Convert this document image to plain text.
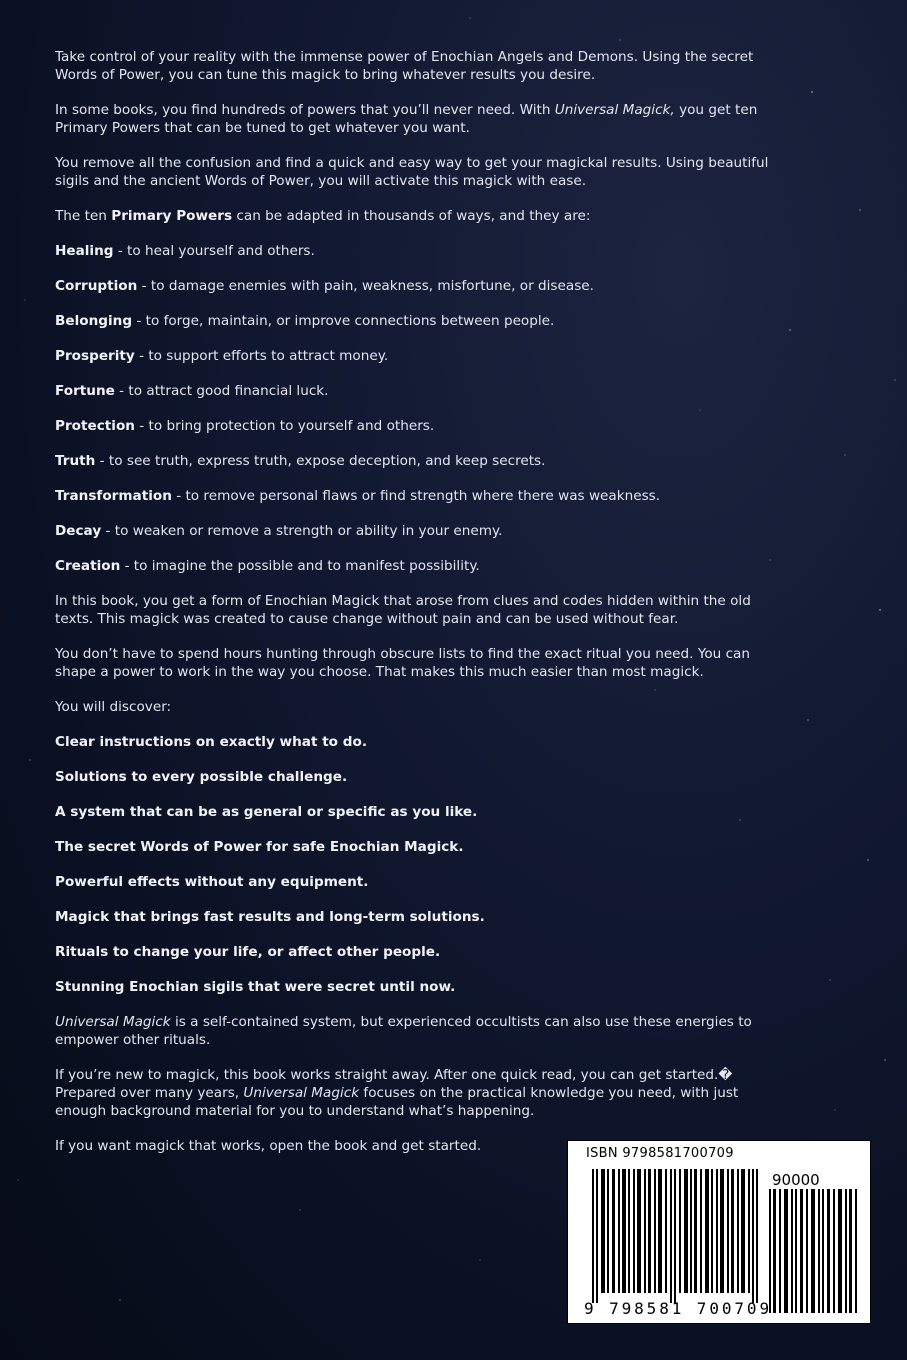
Take control of your reality with the immense power of Enochian Angels and Demons. Using the secret Words of Power, you can tune this magick to bring whatever results you desire.

In some books, you find hundreds of powers that you’ll never need. With Universal Magick, you get ten Primary Powers that can be tuned to get whatever you want.

You remove all the confusion and find a quick and easy way to get your magickal results. Using beautiful sigils and the ancient Words of Power, you will activate this magick with ease.

The ten Primary Powers can be adapted in thousands of ways, and they are:

Healing - to heal yourself and others.

Corruption - to damage enemies with pain, weakness, misfortune, or disease.

Belonging - to forge, maintain, or improve connections between people.

Prosperity - to support efforts to attract money.

Fortune - to attract good financial luck.

Protection - to bring protection to yourself and others.

Truth - to see truth, express truth, expose deception, and keep secrets.

Transformation - to remove personal flaws or find strength where there was weakness.

Decay - to weaken or remove a strength or ability in your enemy.

Creation - to imagine the possible and to manifest possibility.

In this book, you get a form of Enochian Magick that arose from clues and codes hidden within the old texts. This magick was created to cause change without pain and can be used without fear.

You don’t have to spend hours hunting through obscure lists to find the exact ritual you need. You can shape a power to work in the way you choose. That makes this much easier than most magick.

You will discover:

Clear instructions on exactly what to do.

Solutions to every possible challenge.

A system that can be as general or specific as you like.

The secret Words of Power for safe Enochian Magick.

Powerful effects without any equipment.

Magick that brings fast results and long-term solutions.

Rituals to change your life, or affect other people.

Stunning Enochian sigils that were secret until now.

Universal Magick is a self-contained system, but experienced occultists can also use these energies to empower other rituals.

If you’re new to magick, this book works straight away. After one quick read, you can get started.� Prepared over many years, Universal Magick focuses on the practical knowledge you need, with just enough background material for you to understand what’s happening.

If you want magick that works, open the book and get started.	ISBN 9798581700709
90000
9 798581 700709
